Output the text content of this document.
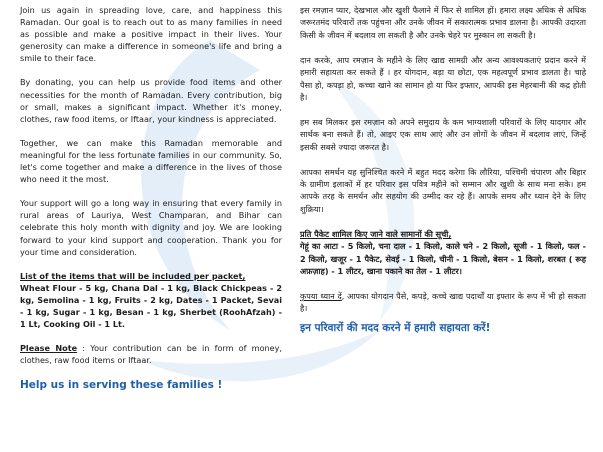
Join us again in spreading love, care, and happiness this Ramadan. Our goal is to reach out to as many families in need as possible and make a positive impact in their lives. Your generosity can make a difference in someone's life and bring a smile to their face.

By donating, you can help us provide food items and other necessities for the month of Ramadan. Every contribution, big or small, makes a significant impact. Whether it's money, clothes, raw food items, or Iftaar, your kindness is appreciated.

Together, we can make this Ramadan memorable and meaningful for the less fortunate families in our community. So, let's come together and make a difference in the lives of those who need it the most.

Your support will go a long way in ensuring that every family in rural areas of Lauriya, West Champaran, and Bihar can celebrate this holy month with dignity and joy. We are looking forward to your kind support and cooperation. Thank you for your time and consideration.

List of the items that will be included per packet,
Wheat Flour - 5 kg, Chana Dal - 1 kg, Black Chickpeas - 2 kg, Semolina - 1 kg, Fruits - 2 kg, Dates - 1 Packet, Sevai - 1 kg, Sugar - 1 kg, Besan - 1 kg, Sherbet (RoohAfzah) - 1 Lt, Cooking Oil - 1 Lt.

Please Note : Your contribution can be in form of money, clothes, raw food items or Iftaar.

Help us in serving these families !

इस रमज़ान प्यार, देखभाल और खुशी फैलाने में फिर से शामिल हों। हमारा लक्ष्य अधिक से अधिक जरूरतमंद परिवारों तक पहुंचना और उनके जीवन में सकारात्मक प्रभाव डालना है। आपकी उदारता किसी के जीवन में बदलाव ला सकती है और उनके चेहरे पर मुस्कान ला सकती है।

दान करके, आप रमज़ान के महीने के लिए खाद्य सामग्री और अन्य आवश्यकताएं प्रदान करने में हमारी सहायता कर सकते हैं । हर योगदान, बड़ा या छोटा, एक महत्वपूर्ण प्रभाव डालता है। चाहे पैसा हो, कपड़ा हो, कच्चा खाने का सामान हो या फिर इफ्तार, आपकी इस मेहरबानी की कद्र होती है।

हम सब मिलकर इस रमज़ान को अपने समुदाय के कम भाग्यशाली परिवारों के लिए यादगार और सार्थक बना सकते हैं। तो, आइए एक साथ आएं और उन लोगों के जीवन में बदलाव लाएं, जिन्हें इसकी सबसे ज्यादा जरूरत है।

आपका समर्थन यह सुनिश्चित करने में बहुत मदद करेगा कि लौरिया, पश्चिमी चंपारण और बिहार के ग्रामीण इलाकों में हर परिवार इस पवित्र महीने को सम्मान और खुशी के साथ मना सके। हम आपके तरह के समर्थन और सहयोग की उम्मीद कर रहे हैं। आपके समय और ध्यान देने के लिए शुक्रिया।

प्रति पैकेट शामिल किए जाने वाले सामानों की सूची,
गेहूं का आटा - 5 किलो, चना दाल - 1 किलो, काले चने - 2 किलो, सूजी - 1 किलो, फल - 2 किलो, खजूर - 1 पैकेट, सेवई - 1 किलो, चीनी - 1 किलो, बेसन - 1 किलो, शरबत ( रूह अफ़ज़ाह) - 1 लीटर, खाना पकाने का तेल - 1 लीटर।

कृपया ध्यान दें, आपका योगदान पैसे, कपड़े, कच्चे खाद्य पदार्थों या इफ्तार के रूप में भी हो सकता है।

इन परिवारों की मदद करने में हमारी सहायता करें!
